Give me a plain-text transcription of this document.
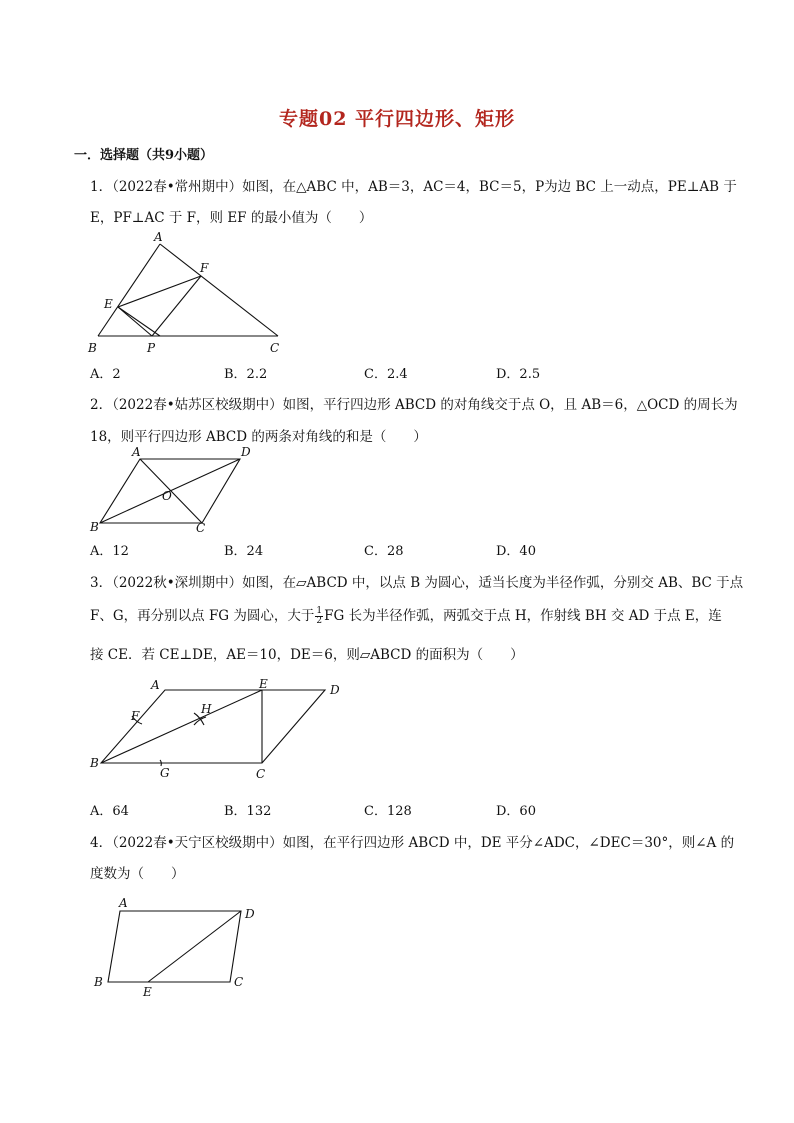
专题02 平行四边形、矩形
一．选择题（共9小题）
1．（2022春•常州期中）如图，在△ABC 中，AB＝3，AC＝4，BC＝5，P为边 BC 上一动点，PE⊥AB 于
E，PF⊥AC 于 F，则 EF 的最小值为（　　）
A
B	C
E
F
P
A．2	B．2.2	C．2.4	D．2.5
2．（2022春•姑苏区校级期中）如图，平行四边形 ABCD 的对角线交于点 O，且 AB＝6，△OCD 的周长为
18，则平行四边形 ABCD 的两条对角线的和是（　　）
A	D
B	C
O
A．12	B．24	C．28	D．40
3．（2022秋•深圳期中）如图，在▱ABCD 中，以点 B 为圆心，适当长度为半径作弧，分别交 AB、BC 于点
F、G，再分别以点 FG 为圆心，大于 $\frac{1}{2}$ FG 长为半径作弧，两弧交于点 H，作射线 BH 交 AD 于点 E，连
接 CE．若 CE⊥DE，AE＝10，DE＝6，则▱ABCD 的面积为（　　）
A	E	D
B
C
F
G
H
A．64	B．132	C．128	D．60
4．（2022春•天宁区校级期中）如图，在平行四边形 ABCD 中，DE 平分∠ADC，∠DEC＝30°，则∠A 的
度数为（　　）
A
D
B
E
C
